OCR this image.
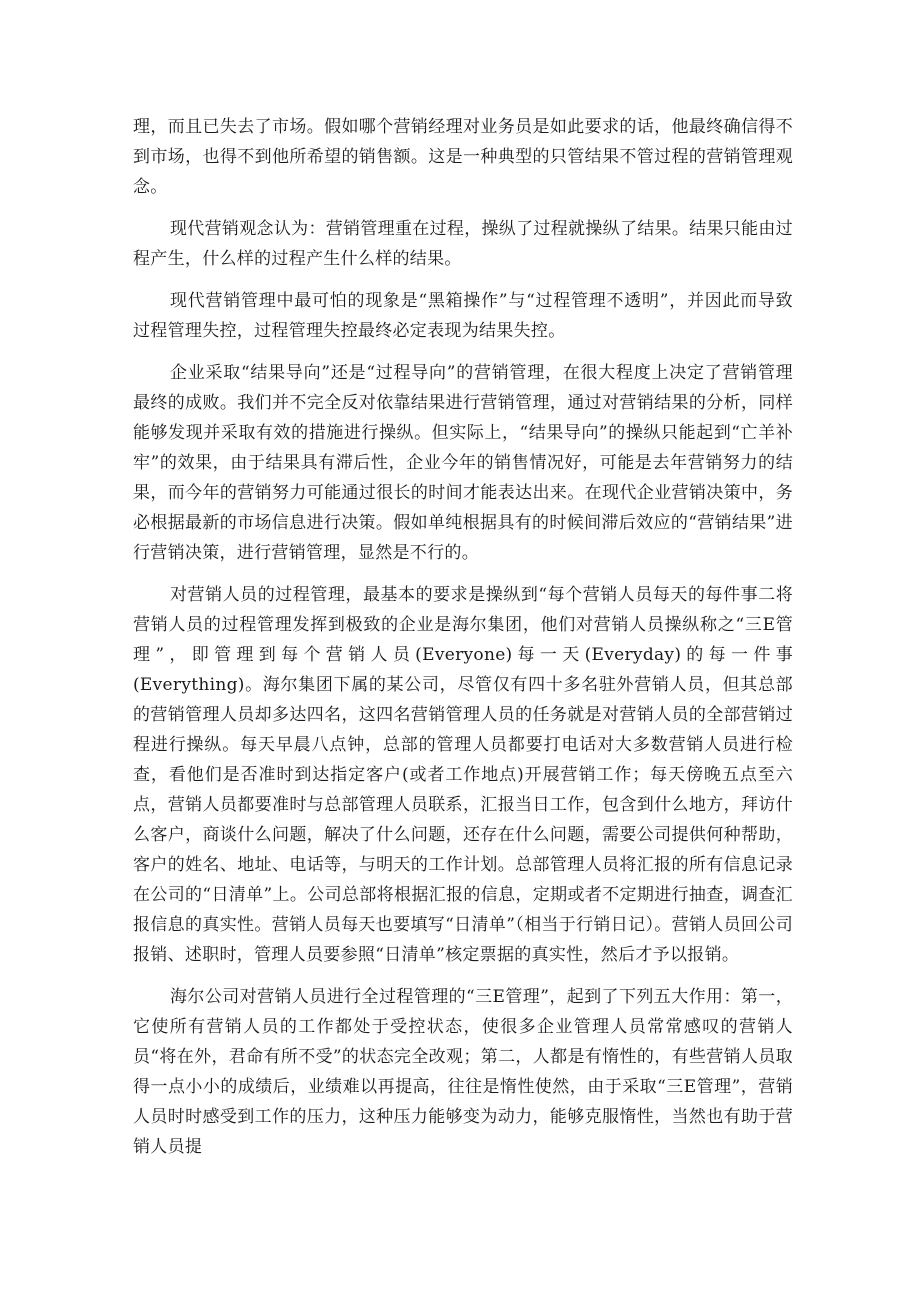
理，而且已失去了市场。假如哪个营销经理对业务员是如此要求的话，他最终确信得不到市场，也得不到他所希望的销售额。这是一种典型的只管结果不管过程的营销管理观念。

现代营销观念认为：营销管理重在过程，操纵了过程就操纵了结果。结果只能由过程产生，什么样的过程产生什么样的结果。

现代营销管理中最可怕的现象是“黑箱操作”与“过程管理不透明”，并因此而导致过程管理失控，过程管理失控最终必定表现为结果失控。

企业采取“结果导向”还是“过程导向”的营销管理，在很大程度上决定了营销管理最终的成败。我们并不完全反对依靠结果进行营销管理，通过对营销结果的分析，同样能够发现并采取有效的措施进行操纵。但实际上，“结果导向”的操纵只能起到“亡羊补牢”的效果，由于结果具有滞后性，企业今年的销售情况好，可能是去年营销努力的结果，而今年的营销努力可能通过很长的时间才能表达出来。在现代企业营销决策中，务必根据最新的市场信息进行决策。假如单纯根据具有的时候间滞后效应的“营销结果”进行营销决策，进行营销管理，显然是不行的。

对营销人员的过程管理，最基本的要求是操纵到“每个营销人员每天的每件事二将营销人员的过程管理发挥到极致的企业是海尔集团，他们对营销人员操纵称之“三E管理”，即管理到每个营销人员(Everyone)每一天(Everyday)的每一件事(Everything)。海尔集团下属的某公司，尽管仅有四十多名驻外营销人员，但其总部的营销管理人员却多达四名，这四名营销管理人员的任务就是对营销人员的全部营销过程进行操纵。每天早晨八点钟，总部的管理人员都要打电话对大多数营销人员进行检查，看他们是否准时到达指定客户(或者工作地点)开展营销工作；每天傍晚五点至六点，营销人员都要准时与总部管理人员联系，汇报当日工作，包含到什么地方，拜访什么客户，商谈什么问题，解决了什么问题，还存在什么问题，需要公司提供何种帮助，客户的姓名、地址、电话等，与明天的工作计划。总部管理人员将汇报的所有信息记录在公司的“日清单”上。公司总部将根据汇报的信息，定期或者不定期进行抽查，调查汇报信息的真实性。营销人员每天也要填写“日清单”（相当于行销日记）。营销人员回公司报销、述职时，管理人员要参照“日清单”核定票据的真实性，然后才予以报销。

海尔公司对营销人员进行全过程管理的“三E管理”，起到了下列五大作用：第一，它使所有营销人员的工作都处于受控状态，使很多企业管理人员常常感叹的营销人员“将在外，君命有所不受”的状态完全改观；第二，人都是有惰性的，有些营销人员取得一点小小的成绩后，业绩难以再提高，往往是惰性使然，由于采取“三E管理”，营销人员时时感受到工作的压力，这种压力能够变为动力，能够克服惰性，当然也有助于营销人员提
